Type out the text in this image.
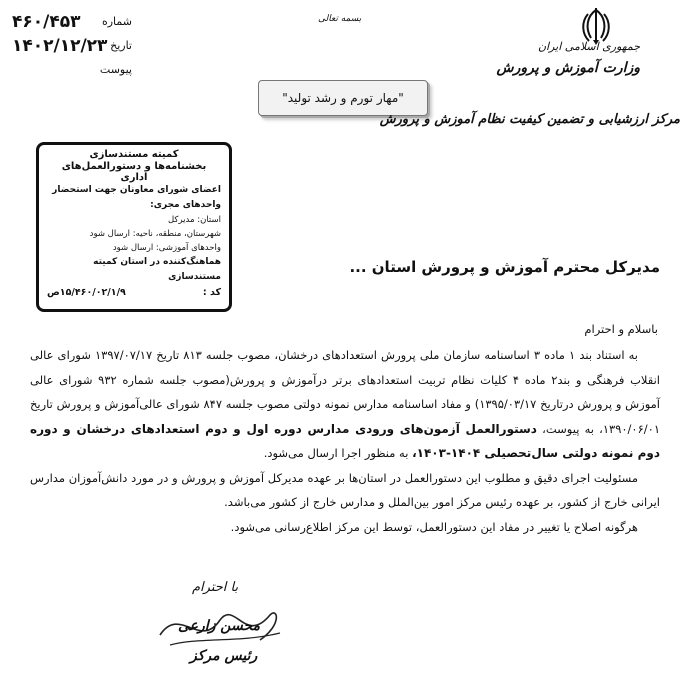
۴۶۰/۴۵۳ شماره
۱۴۰۲/۱۲/۲۳ تاریخ
پیوست
بسمه تعالی
"مهار تورم و رشد تولید"
جمهوری اسلامی ایران
وزارت آموزش و پرورش
مرکز ارزشیابی و تضمین کیفیت نظام آموزش و پرورش
کمیته مستندسازی
بخشنامه‌ها و دستورالعمل‌های اداری
اعضای شورای معاونان جهت استحضار
واحدهای مجری:
استان: مدیرکل
شهرستان، منطقه، ناحیه: ارسال شود
واحدهای آموزشی: ارسال شود
هماهنگ‌کننده در استان کمیته مستندسازی
کد :
۱۵/۴۶۰/۰۲/۱/۹ص
مدیرکل محترم آموزش و پرورش استان ...
باسلام و احترام

به استناد بند ۱ ماده ۳ اساسنامه سازمان ملی پرورش استعدادهای درخشان، مصوب جلسه ۸۱۳ تاریخ ۱۳۹۷/۰۷/۱۷ شورای عالی انقلاب فرهنگی و بند۲ ماده ۴ کلیات نظام تربیت استعدادهای برتر درآموزش و پرورش(مصوب جلسه شماره ۹۳۲ شورای عالی آموزش و پرورش درتاریخ ۱۳۹۵/۰۳/۱۷) و مفاد اساسنامه مدارس نمونه دولتی مصوب جلسه ۸۴۷ شورای عالی‌آموزش و پرورش تاریخ ۱۳۹۰/۰۶/۰۱، به پیوست، دستورالعمل آزمون‌های ورودی مدارس دوره اول و دوم استعدادهای درخشان و دوره دوم نمونه دولتی سال‌تحصیلی ۱۴۰۴-۱۴۰۳، به منظور اجرا ارسال می‌شود.

مسئولیت اجرای دقیق و مطلوب این دستورالعمل در استان‌ها بر عهده مدیرکل آموزش و پرورش و در مورد دانش‌آموزان مدارس ایرانی خارج از کشور، بر عهده رئیس مرکز امور بین‌الملل و مدارس خارج از کشور می‌باشد.

هرگونه اصلاح یا تغییر در مفاد این دستورالعمل، توسط این مرکز اطلاع‌رسانی می‌شود.

با احترام
محسن زارعی
رئیس مرکز
